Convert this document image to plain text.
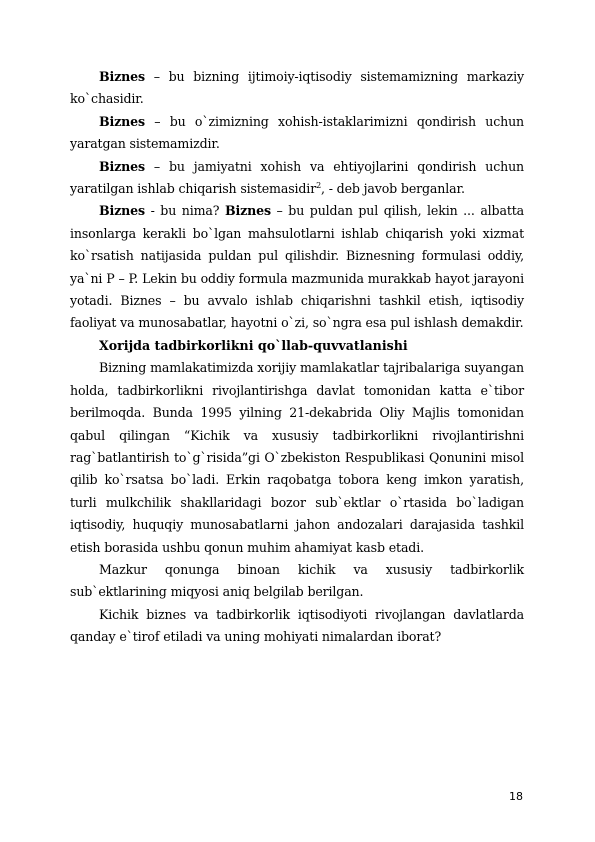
Biznes – bu bizning ijtimoiy-iqtisodiy sistemamizning markaziy ko`chasidir.

Biznes – bu o`zimizning xohish-istaklarimizni qondirish uchun yaratgan sistemamizdir.

Biznes – bu jamiyatni xohish va ehtiyojlarini qondirish uchun yaratilgan ishlab chiqarish sistemasidir$^2$, - deb javob berganlar.

Biznes - bu nima? Biznes – bu puldan pul qilish, lekin ... albatta insonlarga kerakli bo`lgan mahsulotlarni ishlab chiqarish yoki xizmat ko`rsatish natijasida puldan pul qilishdir. Biznesning formulasi oddiy, ya`ni P – P. Lekin bu oddiy formula mazmunida murakkab hayot jarayoni yotadi. Biznes – bu avvalo ishlab chiqarishni tashkil etish, iqtisodiy faoliyat va munosabatlar, hayotni o`zi, so`ngra esa pul ishlash demakdir.

Xorijda tadbirkorlikni qo`llab-quvvatlanishi

Bizning mamlakatimizda xorijiy mamlakatlar tajribalariga suyangan holda, tadbirkorlikni rivojlantirishga davlat tomonidan katta e`tibor berilmoqda. Bunda 1995 yilning 21-dekabrida Oliy Majlis tomonidan qabul qilingan “Kichik va xususiy tadbirkorlikni rivojlantirishni rag`batlantirish to`g`risida”gi O`zbekiston Respublikasi Qonunini misol qilib ko`rsatsa bo`ladi. Erkin raqobatga tobora keng imkon yaratish, turli mulkchilik shakllaridagi bozor sub`ektlar o`rtasida bo`ladigan iqtisodiy, huquqiy munosabatlarni jahon andozalari darajasida tashkil etish borasida ushbu qonun muhim ahamiyat kasb etadi.

Mazkur qonunga binoan kichik va xususiy tadbirkorlik sub`ektlarining miqyosi aniq belgilab berilgan.

Kichik biznes va tadbirkorlik iqtisodiyoti rivojlangan davlatlarda qanday e`tirof etiladi va uning mohiyati nimalardan iborat?

18
